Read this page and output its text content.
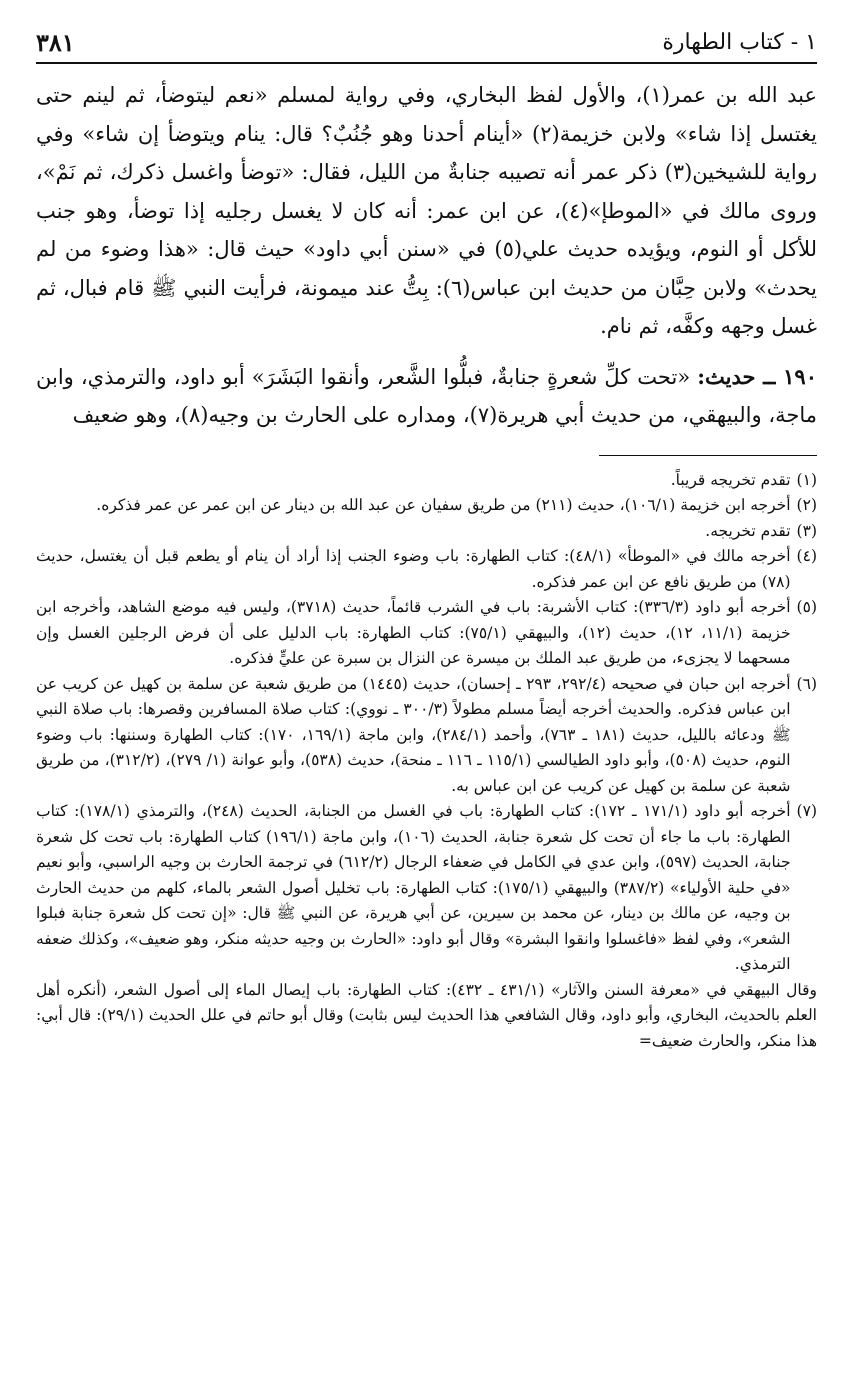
١ - كتاب الطهارة
٣٨١

عبد الله بن عمر(١)، والأول لفظ البخاري، وفي رواية لمسلم «نعم ليتوضأ، ثم لينم حتى يغتسل إذا شاء» ولابن خزيمة(٢) «أينام أحدنا وهو جُنُبٌ؟ قال: ينام ويتوضأ إن شاء» وفي رواية للشيخين(٣) ذكر عمر أنه تصيبه جنابةٌ من الليل، فقال: «توضأ واغسل ذكرك، ثم نَمْ»، وروى مالك في «الموطإ»(٤)، عن ابن عمر: أنه كان لا يغسل رجليه إذا توضأ، وهو جنب للأكل أو النوم، ويؤيده حديث علي(٥) في «سنن أبي داود» حيث قال: «هذا وضوء من لم يحدث» ولابن حِبَّان من حديث ابن عباس(٦): بِتُّ عند ميمونة، فرأيت النبي ﷺ قام فبال، ثم غسل وجهه وكفَّه، ثم نام.

١٩٠ ــ حديث: «تحت كلِّ شعرةٍ جنابةٌ، فبلُّوا الشَّعر، وأنقوا البَشَرَ» أبو داود، والترمذي، وابن ماجة، والبيهقي، من حديث أبي هريرة(٧)، ومداره على الحارث بن وجيه(٨)، وهو ضعيف

(١)
تقدم تخريجه قريباً.
(٢)
أخرجه ابن خزيمة (١٠٦/١)، حديث (٢١١) من طريق سفيان عن عبد الله بن دينار عن ابن عمر عن عمر فذكره.
(٣)
تقدم تخريجه.
(٤)
أخرجه مالك في «الموطأ» (٤٨/١): كتاب الطهارة: باب وضوء الجنب إذا أراد أن ينام أو يطعم قبل أن يغتسل، حديث (٧٨) من طريق نافع عن ابن عمر فذكره.
(٥)
أخرجه أبو داود (٣٣٦/٣): كتاب الأشربة: باب في الشرب قائماً، حديث (٣٧١٨)، وليس فيه موضع الشاهد، وأخرجه ابن خزيمة (١١/١، ١٢)، حديث (١٢)، والبيهقي (٧٥/١): كتاب الطهارة: باب الدليل على أن فرض الرجلين الغسل وإن مسحهما لا يجزىء، من طريق عبد الملك بن ميسرة عن النزال بن سبرة عن عليٍّ فذكره.
(٦)
أخرجه ابن حبان في صحيحه (٢٩٢/٤، ٢٩٣ ـ إحسان)، حديث (١٤٤٥) من طريق شعبة عن سلمة بن كهيل عن كريب عن ابن عباس فذكره. والحديث أخرجه أيضاً مسلم مطولاً (٣٠٠/٣ ـ نووي): كتاب صلاة المسافرين وقصرها: باب صلاة النبي ﷺ ودعائه بالليل، حديث (١٨١ ـ ٧٦٣)، وأحمد (٢٨٤/١)، وابن ماجة (١٦٩/١، ١٧٠): كتاب الطهارة وسننها: باب وضوء النوم، حديث (٥٠٨)، وأبو داود الطيالسي (١١٥/١ ـ ١١٦ ـ منحة)، حديث (٥٣٨)، وأبو عوانة (١/ ٢٧٩)، (٣١٢/٢)، من طريق شعبة عن سلمة بن كهيل عن كريب عن ابن عباس به.
(٧)
أخرجه أبو داود (١٧١/١ ـ ١٧٢): كتاب الطهارة: باب في الغسل من الجنابة، الحديث (٢٤٨)، والترمذي (١٧٨/١): كتاب الطهارة: باب ما جاء أن تحت كل شعرة جنابة، الحديث (١٠٦)، وابن ماجة (١٩٦/١) كتاب الطهارة: باب تحت كل شعرة جنابة، الحديث (٥٩٧)، وابن عدي في الكامل في ضعفاء الرجال (٦١٢/٢) في ترجمة الحارث بن وجيه الراسبي، وأبو نعيم «في حلية الأولياء» (٣٨٧/٢) والبيهقي (١٧٥/١): كتاب الطهارة: باب تخليل أصول الشعر بالماء، كلهم من حديث الحارث بن وجيه، عن مالك بن دينار، عن محمد بن سيرين، عن أبي هريرة، عن النبي ﷺ قال: «إن تحت كل شعرة جنابة فبلوا الشعر»، وفي لفظ «فاغسلوا وانقوا البشرة» وقال أبو داود: «الحارث بن وجيه حديثه منكر، وهو ضعيف»، وكذلك ضعفه الترمذي.

وقال البيهقي في «معرفة السنن والآثار» (٤٣١/١ ـ ٤٣٢): كتاب الطهارة: باب إيصال الماء إلى أصول الشعر، (أنكره أهل العلم بالحديث، البخاري، وأبو داود، وقال الشافعي هذا الحديث ليس بثابت) وقال أبو حاتم في علل الحديث (٢٩/١): قال أبي: هذا منكر، والحارث ضعيف=
